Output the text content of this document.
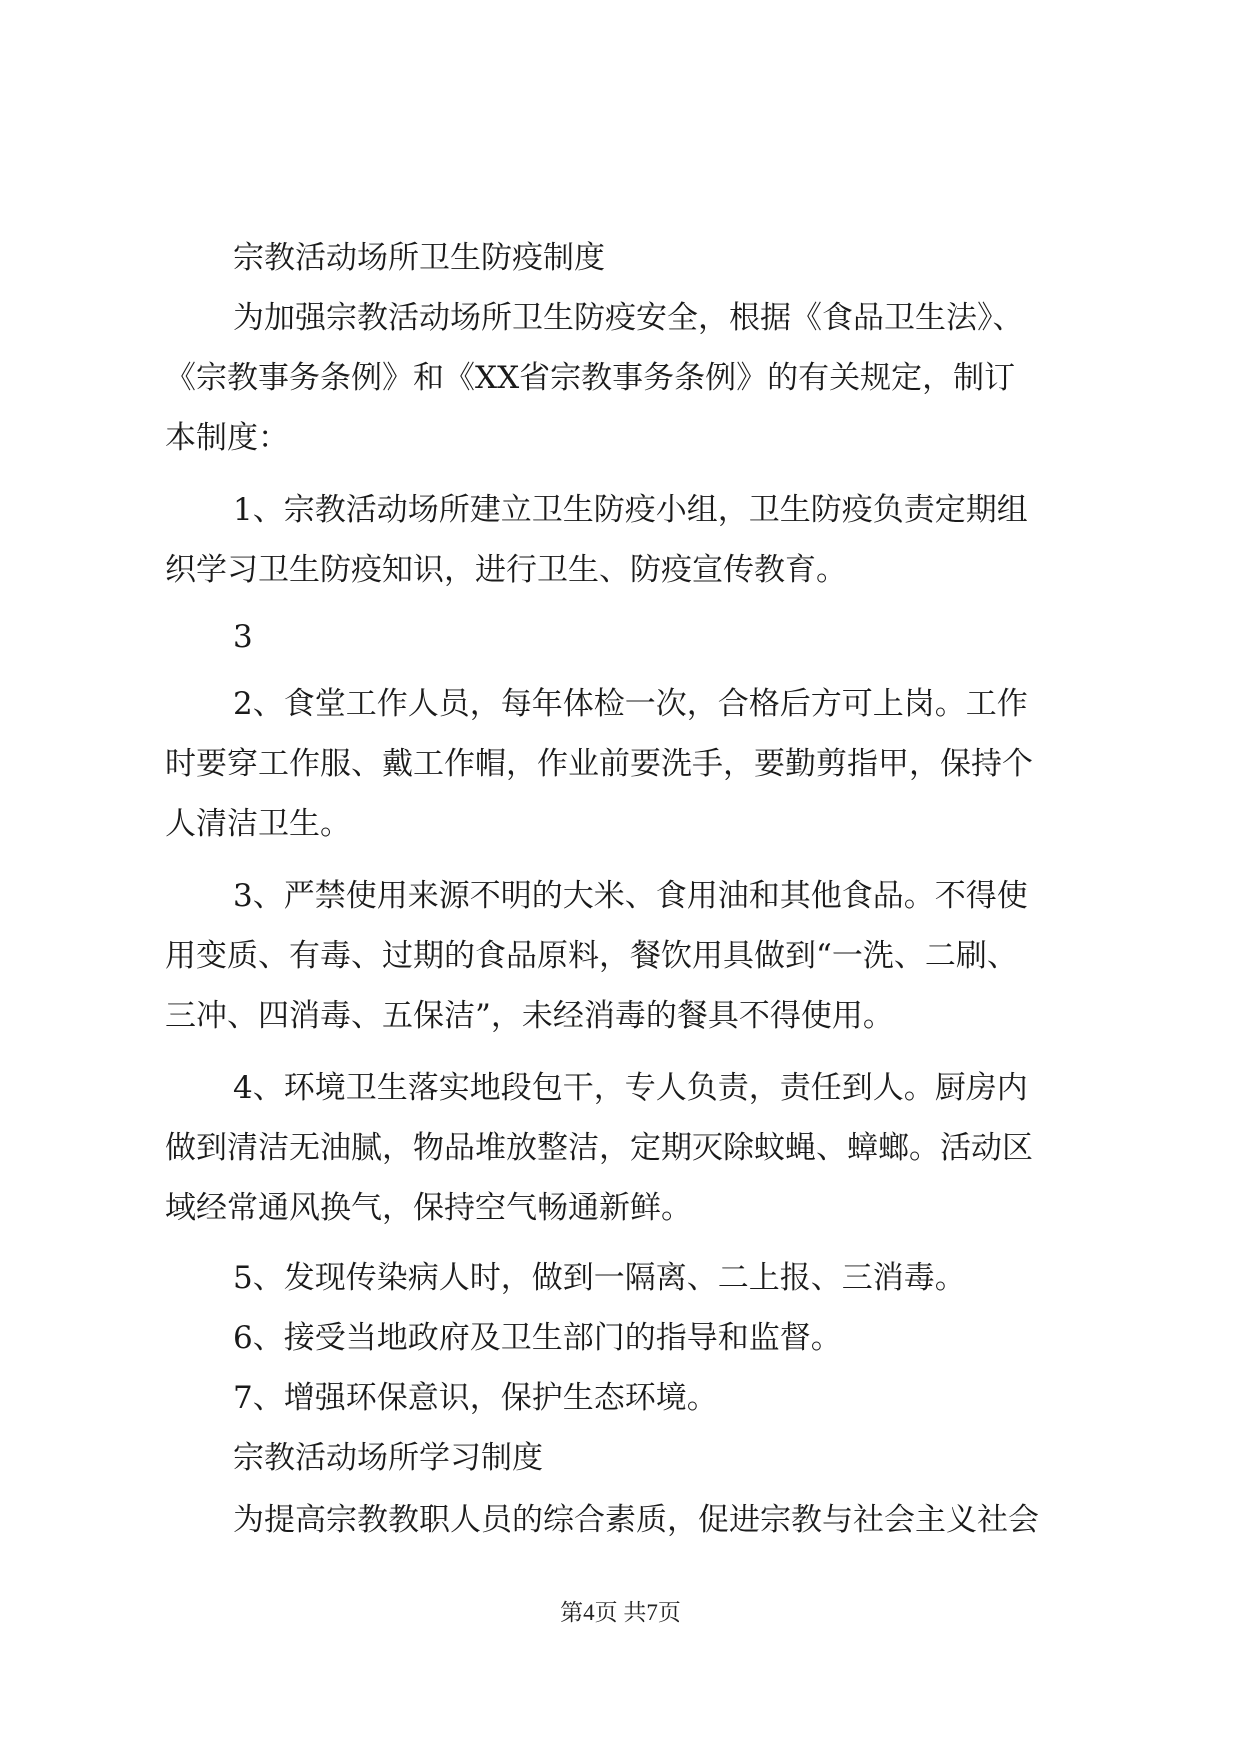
宗教活动场所卫生防疫制度

为加强宗教活动场所卫生防疫安全，根据《食品卫生法》、

《宗教事务条例》和《XX省宗教事务条例》的有关规定，制订

本制度：

1、宗教活动场所建立卫生防疫小组，卫生防疫负责定期组

织学习卫生防疫知识，进行卫生、防疫宣传教育。

3

2、食堂工作人员，每年体检一次，合格后方可上岗。工作

时要穿工作服、戴工作帽，作业前要洗手，要勤剪指甲，保持个

人清洁卫生。

3、严禁使用来源不明的大米、食用油和其他食品。不得使

用变质、有毒、过期的食品原料，餐饮用具做到“一洗、二刷、

三冲、四消毒、五保洁”，未经消毒的餐具不得使用。

4、环境卫生落实地段包干，专人负责，责任到人。厨房内

做到清洁无油腻，物品堆放整洁，定期灭除蚊蝇、蟑螂。活动区

域经常通风换气，保持空气畅通新鲜。

5、发现传染病人时，做到一隔离、二上报、三消毒。

6、接受当地政府及卫生部门的指导和监督。

7、增强环保意识，保护生态环境。

宗教活动场所学习制度

为提高宗教教职人员的综合素质，促进宗教与社会主义社会

第4页 共7页
